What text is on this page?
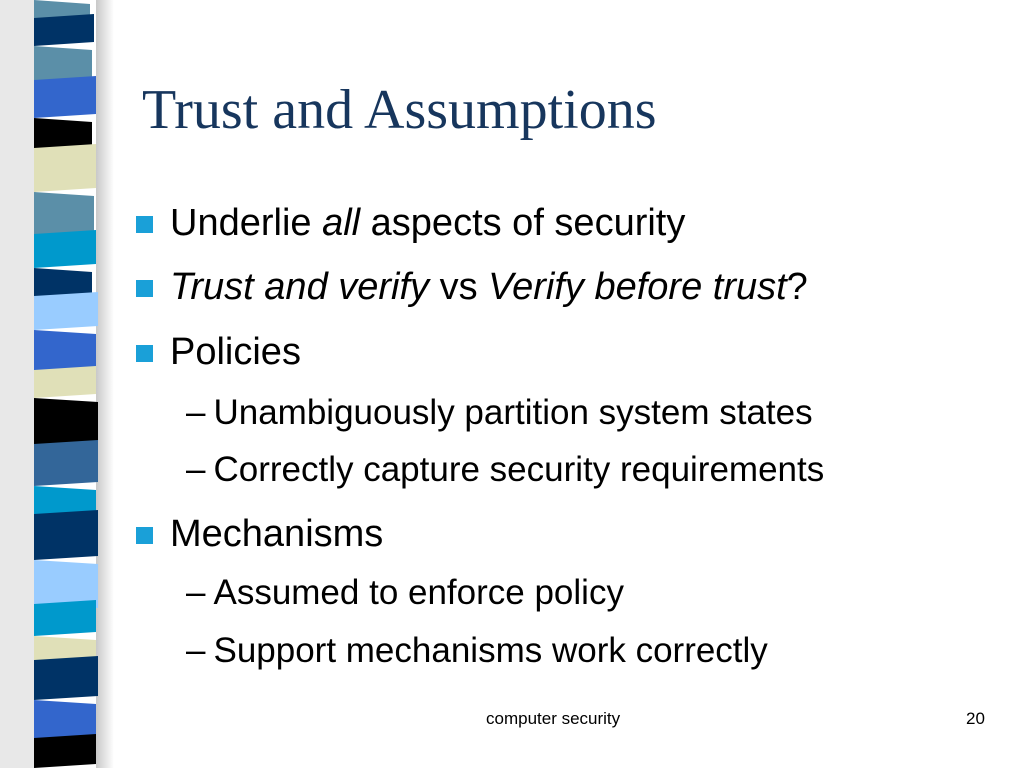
Trust and Assumptions
Underlie all aspects of security
Trust and verify vs Verify before trust?
Policies
– Unambiguously partition system states
– Correctly capture security requirements
Mechanisms
– Assumed to enforce policy
– Support mechanisms work correctly
computer security	20
